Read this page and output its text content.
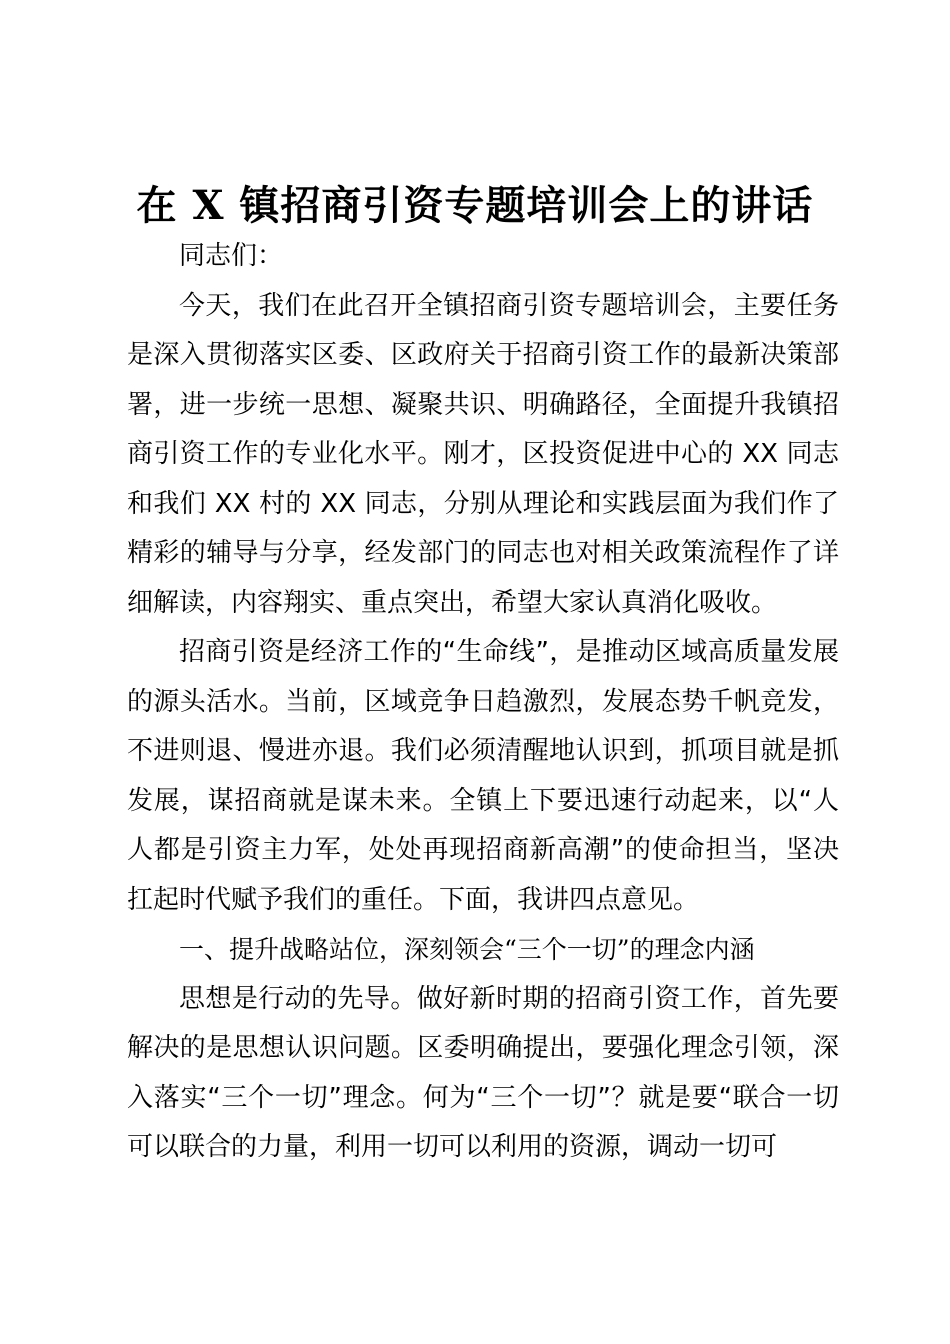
在 X 镇招商引资专题培训会上的讲话

同志们：

今天，我们在此召开全镇招商引资专题培训会，主要任务是深入贯彻落实区委、区政府关于招商引资工作的最新决策部署，进一步统一思想、凝聚共识、明确路径，全面提升我镇招商引资工作的专业化水平。刚才，区投资促进中心的 XX 同志和我们 XX 村的 XX 同志，分别从理论和实践层面为我们作了精彩的辅导与分享，经发部门的同志也对相关政策流程作了详细解读，内容翔实、重点突出，希望大家认真消化吸收。

招商引资是经济工作的“生命线”，是推动区域高质量发展的源头活水。当前，区域竞争日趋激烈，发展态势千帆竞发，不进则退、慢进亦退。我们必须清醒地认识到，抓项目就是抓发展，谋招商就是谋未来。全镇上下要迅速行动起来，以“人人都是引资主力军，处处再现招商新高潮”的使命担当，坚决扛起时代赋予我们的重任。下面，我讲四点意见。

一、提升战略站位，深刻领会“三个一切”的理念内涵

思想是行动的先导。做好新时期的招商引资工作，首先要解决的是思想认识问题。区委明确提出，要强化理念引领，深入落实“三个一切”理念。何为“三个一切”？就是要“联合一切可以联合的力量，利用一切可以利用的资源，调动一切可
